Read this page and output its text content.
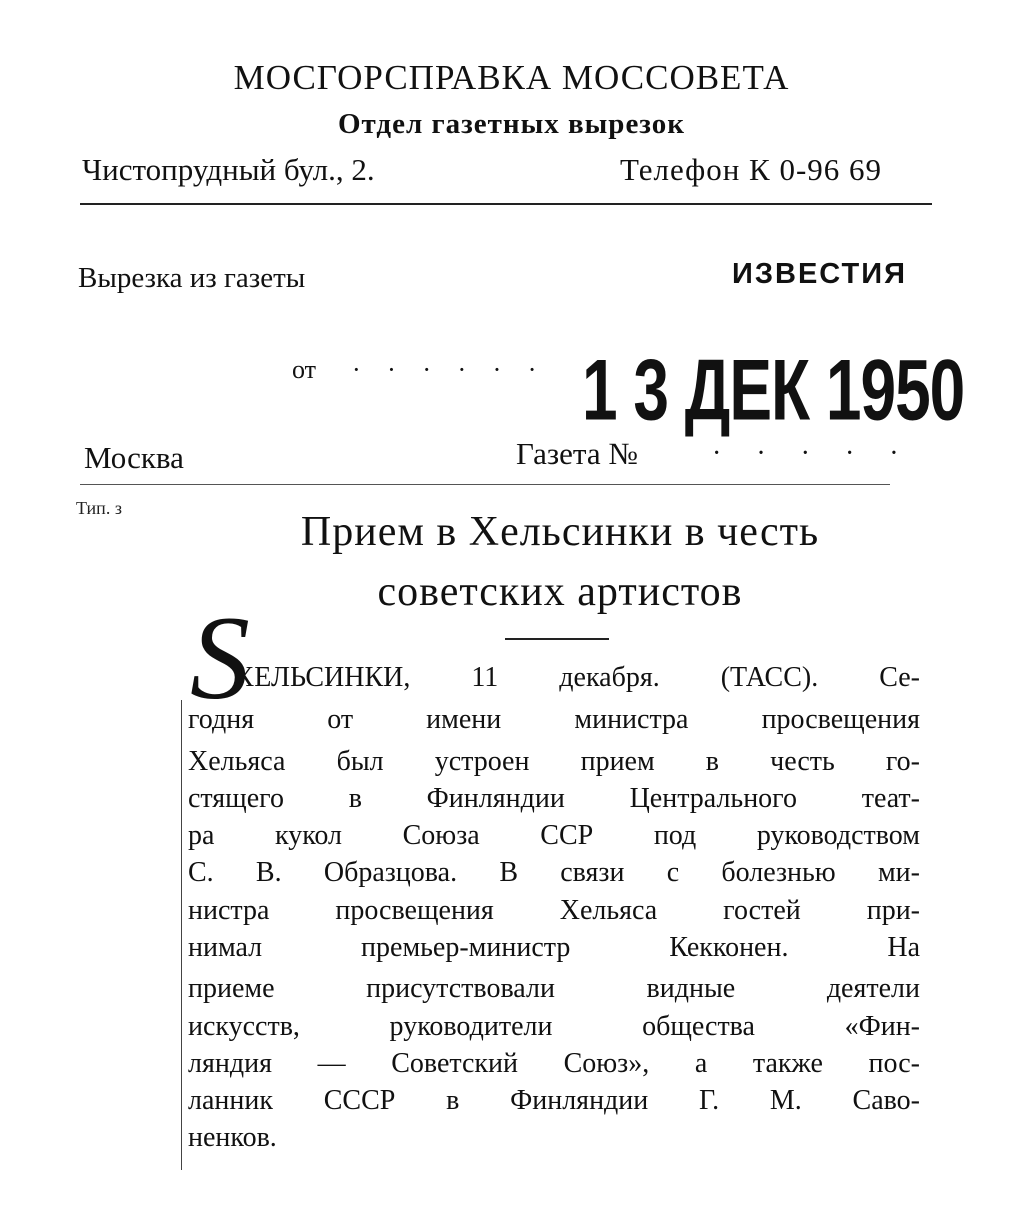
МОСГОРСПРАВКА МОССОВЕТА
Отдел газетных вырезок
Чистопрудный бул., 2.	Телефон К 0-96 69
Вырезка из газеты	ИЗВЕСТИЯ
от · · · · · · 1 3 ДЕК 1950
Москва	Газета №	· · · · ·
Тип. з
Прием в Хельсинки в честь
советских артистов
S
ХЕЛЬСИНКИ, 11 декабря. (ТАСС). Се-
годня от имени министра просвещения
Хельяса был устроен прием в честь го-
стящего в Финляндии Центрального теат-
ра кукол Союза ССР под руководством
С. В. Образцова. В связи с болезнью ми-
нистра просвещения Хельяса гостей при-
нимал премьер-министр Кекконен. На
приеме присутствовали видные деятели
искусств, руководители общества «Фин-
ляндия — Советский Союз», а также пос-
ланник СССР в Финляндии Г. М. Саво-
ненков.
